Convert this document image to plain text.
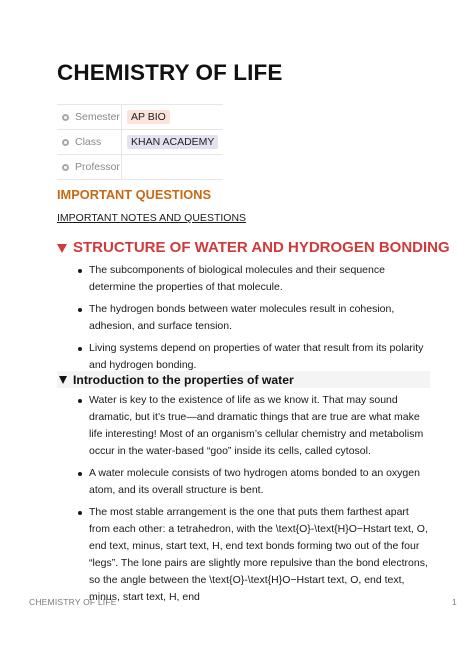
CHEMISTRY OF LIFE
Semester	AP BIO
Class	KHAN ACADEMY
Professor
IMPORTANT QUESTIONS
IMPORTANT NOTES AND QUESTIONS
STRUCTURE OF WATER AND HYDROGEN BONDING
The subcomponents of biological molecules and their sequence determine the properties of that molecule.
The hydrogen bonds between water molecules result in cohesion, adhesion, and surface tension.
Living systems depend on properties of water that result from its polarity and hydrogen bonding.
Introduction to the properties of water
Water is key to the existence of life as we know it. That may sound dramatic, but it’s true—and dramatic things that are true are what make life interesting! Most of an organism’s cellular chemistry and metabolism occur in the water-based “goo” inside its cells, called cytosol.
A water molecule consists of two hydrogen atoms bonded to an oxygen atom, and its overall structure is bent.
The most stable arrangement is the one that puts them farthest apart from each other: a tetrahedron, with the \text{O}-\text{H}O−Hstart text, O, end text, minus, start text, H, end text bonds forming two out of the four “legs”. The lone pairs are slightly more repulsive than the bond electrons, so the angle between the \text{O}-\text{H}O−Hstart text, O, end text, minus, start text, H, end
CHEMISTRY OF LIFE	1
